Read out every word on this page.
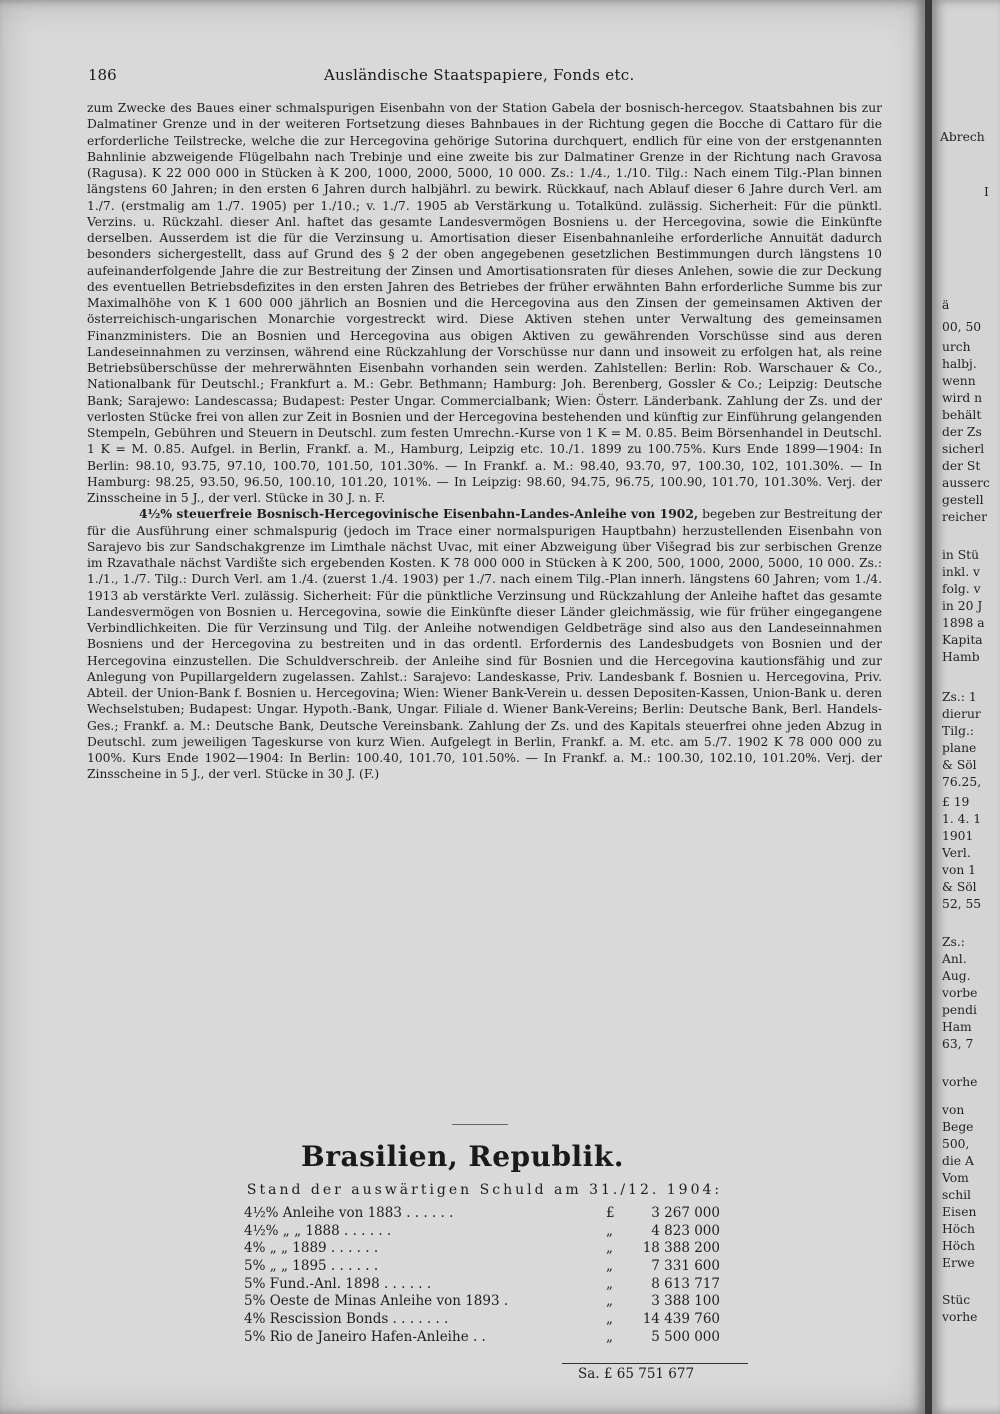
186	Ausländische Staatspapiere, Fonds etc.

zum Zwecke des Baues einer schmalspurigen Eisenbahn von der Station Gabela der bosnisch-hercegov. Staatsbahnen bis zur Dalmatiner Grenze und in der weiteren Fortsetzung dieses Bahnbaues in der Richtung gegen die Bocche di Cattaro für die erforderliche Teilstrecke, welche die zur Hercegovina gehörige Sutorina durchquert, endlich für eine von der erstgenannten Bahnlinie abzweigende Flügelbahn nach Trebinje und eine zweite bis zur Dalmatiner Grenze in der Richtung nach Gravosa (Ragusa). K 22 000 000 in Stücken à K 200, 1000, 2000, 5000, 10 000. Zs.: 1./4., 1./10. Tilg.: Nach einem Tilg.-Plan binnen längstens 60 Jahren; in den ersten 6 Jahren durch halbjährl. zu bewirk. Rückkauf, nach Ablauf dieser 6 Jahre durch Verl. am 1./7. (erstmalig am 1./7. 1905) per 1./10.; v. 1./7. 1905 ab Verstärkung u. Totalkünd. zulässig. Sicherheit: Für die pünktl. Verzins. u. Rückzahl. dieser Anl. haftet das gesamte Landesvermögen Bosniens u. der Hercegovina, sowie die Einkünfte derselben. Ausserdem ist die für die Verzinsung u. Amortisation dieser Eisenbahnanleihe erforderliche Annuität dadurch besonders sichergestellt, dass auf Grund des § 2 der oben angegebenen gesetzlichen Bestimmungen durch längstens 10 aufeinanderfolgende Jahre die zur Bestreitung der Zinsen und Amortisationsraten für dieses Anlehen, sowie die zur Deckung des eventuellen Betriebsdefizites in den ersten Jahren des Betriebes der früher erwähnten Bahn erforderliche Summe bis zur Maximalhöhe von K 1 600 000 jährlich an Bosnien und die Hercegovina aus den Zinsen der gemeinsamen Aktiven der österreichisch-ungarischen Monarchie vorgestreckt wird. Diese Aktiven stehen unter Verwaltung des gemeinsamen Finanzministers. Die an Bosnien und Hercegovina aus obigen Aktiven zu gewährenden Vorschüsse sind aus deren Landeseinnahmen zu verzinsen, während eine Rückzahlung der Vorschüsse nur dann und insoweit zu erfolgen hat, als reine Betriebsüberschüsse der mehrerwähnten Eisenbahn vorhanden sein werden. Zahlstellen: Berlin: Rob. Warschauer & Co., Nationalbank für Deutschl.; Frankfurt a. M.: Gebr. Bethmann; Hamburg: Joh. Berenberg, Gossler & Co.; Leipzig: Deutsche Bank; Sarajewo: Landescassa; Budapest: Pester Ungar. Commercialbank; Wien: Österr. Länderbank. Zahlung der Zs. und der verlosten Stücke frei von allen zur Zeit in Bosnien und der Hercegovina bestehenden und künftig zur Einführung gelangenden Stempeln, Gebühren und Steuern in Deutschl. zum festen Umrechn.-Kurse von 1 K = M. 0.85. Beim Börsenhandel in Deutschl. 1 K = M. 0.85. Aufgel. in Berlin, Frankf. a. M., Hamburg, Leipzig etc. 10./1. 1899 zu 100.75%. Kurs Ende 1899—1904: In Berlin: 98.10, 93.75, 97.10, 100.70, 101.50, 101.30%. — In Frankf. a. M.: 98.40, 93.70, 97, 100.30, 102, 101.30%. — In Hamburg: 98.25, 93.50, 96.50, 100.10, 101.20, 101%. — In Leipzig: 98.60, 94.75, 96.75, 100.90, 101.70, 101.30%. Verj. der Zinsscheine in 5 J., der verl. Stücke in 30 J. n. F.

4½% steuerfreie Bosnisch-Hercegovinische Eisenbahn-Landes-Anleihe von 1902, begeben zur Bestreitung der für die Ausführung einer schmalspurig (jedoch im Trace einer normalspurigen Hauptbahn) herzustellenden Eisenbahn von Sarajevo bis zur Sandschakgrenze im Limthale nächst Uvac, mit einer Abzweigung über Višegrad bis zur serbischen Grenze im Rzavathale nächst Vardište sich ergebenden Kosten. K 78 000 000 in Stücken à K 200, 500, 1000, 2000, 5000, 10 000. Zs.: 1./1., 1./7. Tilg.: Durch Verl. am 1./4. (zuerst 1./4. 1903) per 1./7. nach einem Tilg.-Plan innerh. längstens 60 Jahren; vom 1./4. 1913 ab verstärkte Verl. zulässig. Sicherheit: Für die pünktliche Verzinsung und Rückzahlung der Anleihe haftet das gesamte Landesvermögen von Bosnien u. Hercegovina, sowie die Einkünfte dieser Länder gleichmässig, wie für früher eingegangene Verbindlichkeiten. Die für Verzinsung und Tilg. der Anleihe notwendigen Geldbeträge sind also aus den Landeseinnahmen Bosniens und der Hercegovina zu bestreiten und in das ordentl. Erfordernis des Landesbudgets von Bosnien und der Hercegovina einzustellen. Die Schuldverschreib. der Anleihe sind für Bosnien und die Hercegovina kautionsfähig und zur Anlegung von Pupillargeldern zugelassen. Zahlst.: Sarajevo: Landeskasse, Priv. Landesbank f. Bosnien u. Hercegovina, Priv. Abteil. der Union-Bank f. Bosnien u. Hercegovina; Wien: Wiener Bank-Verein u. dessen Depositen-Kassen, Union-Bank u. deren Wechselstuben; Budapest: Ungar. Hypoth.-Bank, Ungar. Filiale d. Wiener Bank-Vereins; Berlin: Deutsche Bank, Berl. Handels-Ges.; Frankf. a. M.: Deutsche Bank, Deutsche Vereinsbank. Zahlung der Zs. und des Kapitals steuerfrei ohne jeden Abzug in Deutschl. zum jeweiligen Tageskurse von kurz Wien. Aufgelegt in Berlin, Frankf. a. M. etc. am 5./7. 1902 K 78 000 000 zu 100%. Kurs Ende 1902—1904: In Berlin: 100.40, 101.70, 101.50%. — In Frankf. a. M.: 100.30, 102.10, 101.20%. Verj. der Zinsscheine in 5 J., der verl. Stücke in 30 J. (F.)

Brasilien, Republik.
Stand der auswärtigen Schuld am 31./12. 1904:
4½% Anleihe von 1883 . . . . . .	£	3 267 000
4½% „ „ 1888 . . . . . .	„	4 823 000
4% „ „ 1889 . . . . . .	„ 18 388 200
5% „ „ 1895 . . . . . .	„	7 331 600
5% Fund.-Anl. 1898 . . . . . .	„	8 613 717
5% Oeste de Minas Anleihe von 1893 .	„	3 388 100
4% Rescission Bonds . . . . . . .	„ 14 439 760
5% Rio de Janeiro Hafen-Anleihe . .	„	5 500 000
Sa. £ 65 751 677
Abrech
I
ä
00, 50
urch
halbj.
wenn
wird n
behält
der Zs
sicherl
der St
ausserc
gestell
reicher
in Stü
inkl. v
folg. v
in 20 J
1898 a
Kapita
Hamb
Zs.: 1
dierur
Tilg.:
plane
& Söl
76.25,
£ 19
1. 4. 1
1901
Verl.
von 1
& Söl
52, 55
Zs.:
Anl.
Aug.
vorbe
pendi
Ham
63, 7
vorhe
von
Bege
500,
die A
Vom
schil
Eisen
Höch
Höch
Erwe
Stüc
vorhe
